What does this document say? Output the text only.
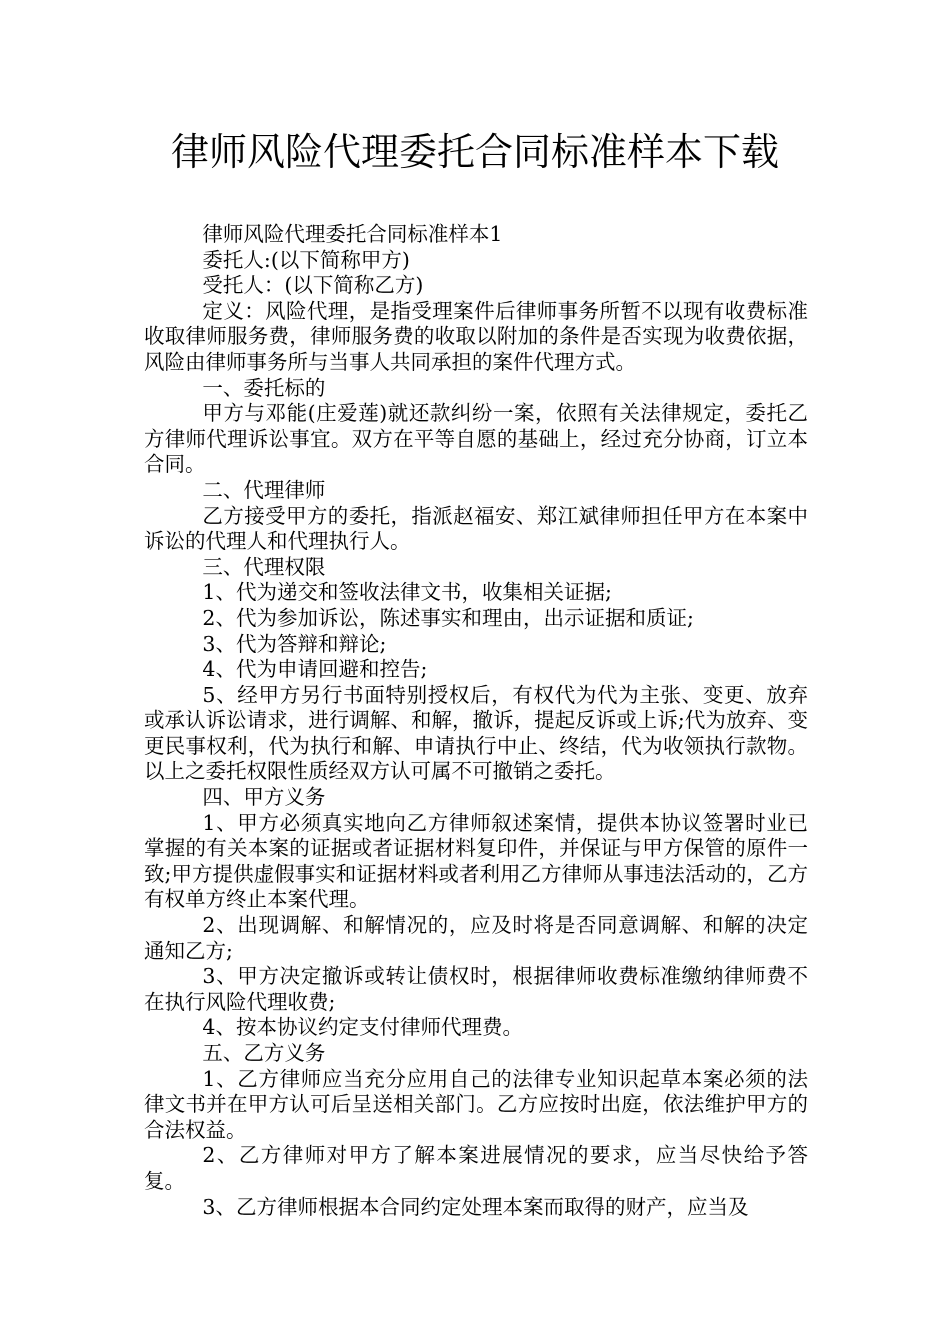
律师风险代理委托合同标准样本下载

律师风险代理委托合同标准样本1

委托人:(以下简称甲方)

受托人：(以下简称乙方)

定义：风险代理，是指受理案件后律师事务所暂不以现有收费标准收取律师服务费，律师服务费的收取以附加的条件是否实现为收费依据，风险由律师事务所与当事人共同承担的案件代理方式。

一、委托标的

甲方与邓能(庄爱莲)就还款纠纷一案，依照有关法律规定，委托乙方律师代理诉讼事宜。双方在平等自愿的基础上，经过充分协商，订立本合同。

二、代理律师

乙方接受甲方的委托，指派赵福安、郑江斌律师担任甲方在本案中诉讼的代理人和代理执行人。

三、代理权限

1、代为递交和签收法律文书，收集相关证据;

2、代为参加诉讼，陈述事实和理由，出示证据和质证;

3、代为答辩和辩论;

4、代为申请回避和控告;

5、经甲方另行书面特别授权后，有权代为代为主张、变更、放弃或承认诉讼请求，进行调解、和解，撤诉，提起反诉或上诉;代为放弃、变更民事权利，代为执行和解、申请执行中止、终结，代为收领执行款物。以上之委托权限性质经双方认可属不可撤销之委托。

四、甲方义务

1、甲方必须真实地向乙方律师叙述案情，提供本协议签署时业已掌握的有关本案的证据或者证据材料复印件，并保证与甲方保管的原件一致;甲方提供虚假事实和证据材料或者利用乙方律师从事违法活动的，乙方有权单方终止本案代理。

2、出现调解、和解情况的，应及时将是否同意调解、和解的决定通知乙方;

3、甲方决定撤诉或转让债权时，根据律师收费标准缴纳律师费不在执行风险代理收费;

4、按本协议约定支付律师代理费。

五、乙方义务

1、乙方律师应当充分应用自己的法律专业知识起草本案必须的法律文书并在甲方认可后呈送相关部门。乙方应按时出庭，依法维护甲方的合法权益。

2、乙方律师对甲方了解本案进展情况的要求，应当尽快给予答复。

3、乙方律师根据本合同约定处理本案而取得的财产，应当及
